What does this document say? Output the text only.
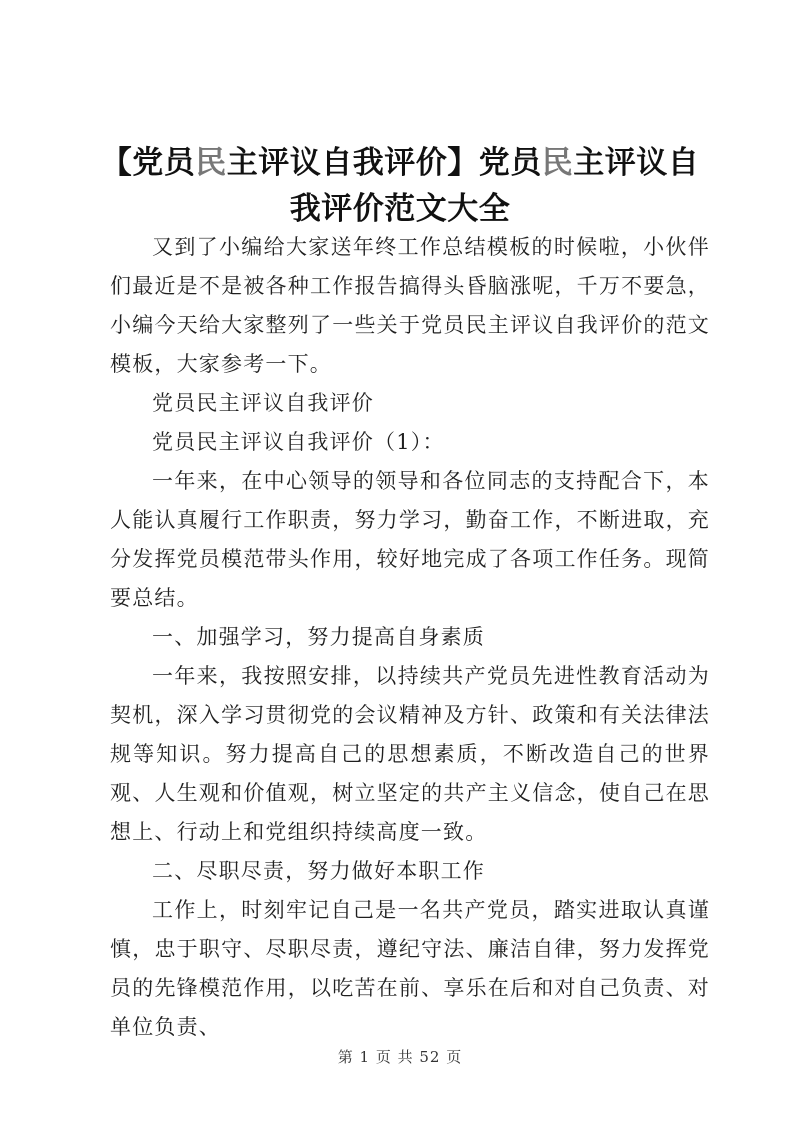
【党员民主评议自我评价】党员民主评议自我评价范文大全

又到了小编给大家送年终工作总结模板的时候啦，小伙伴们最近是不是被各种工作报告搞得头昏脑涨呢，千万不要急，小编今天给大家整列了一些关于党员民主评议自我评价的范文模板，大家参考一下。

党员民主评议自我评价

党员民主评议自我评价（1）：

一年来，在中心领导的领导和各位同志的支持配合下，本人能认真履行工作职责，努力学习，勤奋工作，不断进取，充分发挥党员模范带头作用，较好地完成了各项工作任务。现简要总结。

一、加强学习，努力提高自身素质

一年来，我按照安排，以持续共产党员先进性教育活动为契机，深入学习贯彻党的会议精神及方针、政策和有关法律法规等知识。努力提高自己的思想素质，不断改造自己的世界观、人生观和价值观，树立坚定的共产主义信念，使自己在思想上、行动上和党组织持续高度一致。

二、尽职尽责，努力做好本职工作

工作上，时刻牢记自己是一名共产党员，踏实进取认真谨慎，忠于职守、尽职尽责，遵纪守法、廉洁自律，努力发挥党员的先锋模范作用，以吃苦在前、享乐在后和对自己负责、对单位负责、

第 1 页 共 52 页
